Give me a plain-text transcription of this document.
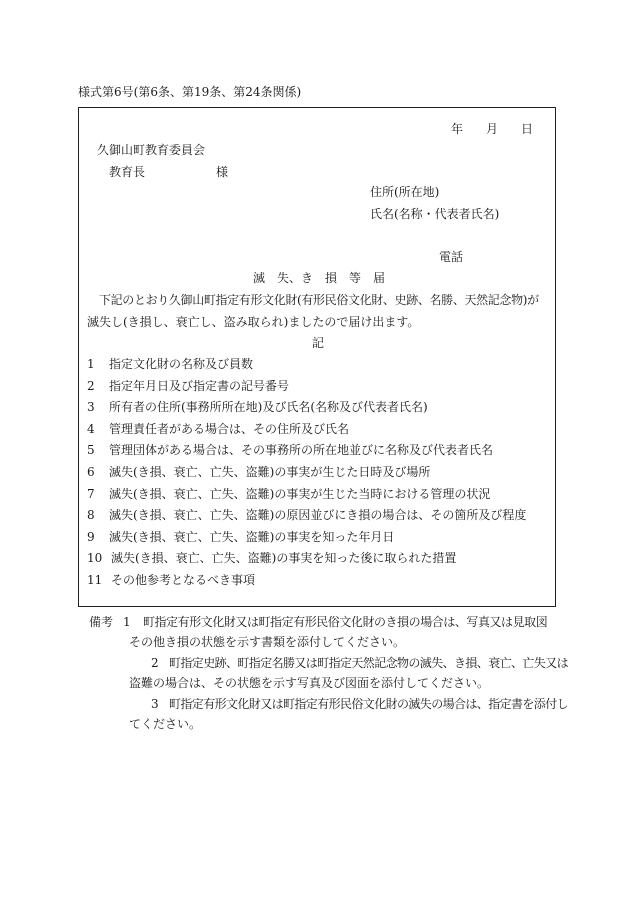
様式第6号(第6条、第19条、第24条関係)
年 月 日
久御山町教育委員会
教育長	様
住所(所在地)
氏名(名称・代表者氏名)
電話
滅　失、き　損　等　届
下記のとおり久御山町指定有形文化財(有形民俗文化財、史跡、名勝、天然記念物)が
滅失し(き損し、衰亡し、盗み取られ)ましたので届け出ます。
記
1 指定文化財の名称及び員数
2 指定年月日及び指定書の記号番号
3 所有者の住所(事務所所在地)及び氏名(名称及び代表者氏名)
4 管理責任者がある場合は、その住所及び氏名
5 管理団体がある場合は、その事務所の所在地並びに名称及び代表者氏名
6 滅失(き損、衰亡、亡失、盗難)の事実が生じた日時及び場所
7 滅失(き損、衰亡、亡失、盗難)の事実が生じた当時における管理の状況
8 滅失(き損、衰亡、亡失、盗難)の原因並びにき損の場合は、その箇所及び程度
9 滅失(き損、衰亡、亡失、盗難)の事実を知った年月日
10 滅失(き損、衰亡、亡失、盗難)の事実を知った後に取られた措置
11 その他参考となるべき事項
備考 1 町指定有形文化財又は町指定有形民俗文化財のき損の場合は、写真又は見取図
その他き損の状態を示す書類を添付してください。
2 町指定史跡、町指定名勝又は町指定天然記念物の滅失、き損、衰亡、亡失又は
盗難の場合は、その状態を示す写真及び図面を添付してください。
3 町指定有形文化財又は町指定有形民俗文化財の滅失の場合は、指定書を添付し
てください。
